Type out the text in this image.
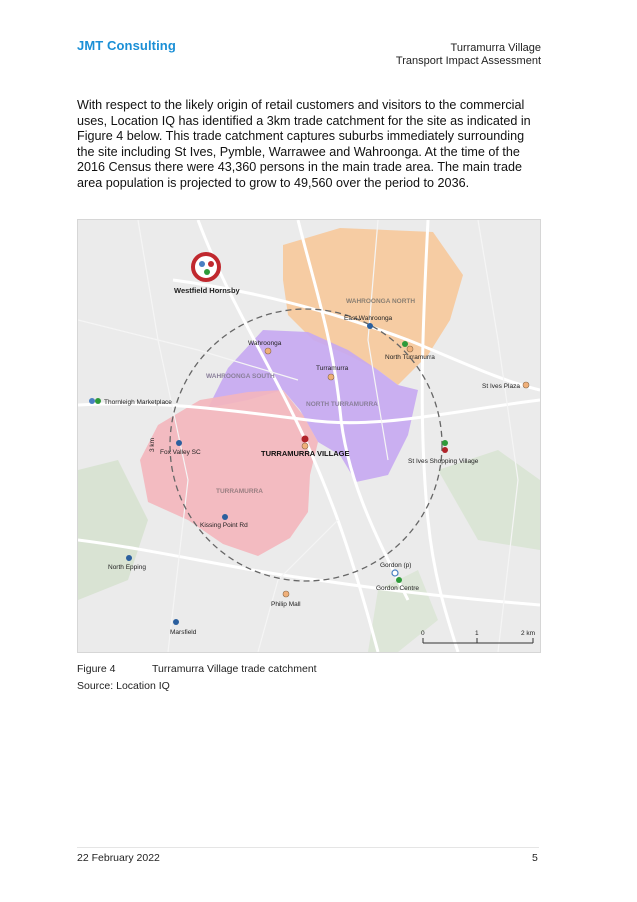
JMT Consulting	Turramurra Village
Transport Impact Assessment
With respect to the likely origin of retail customers and visitors to the commercial uses, Location IQ has identified a 3km trade catchment for the site as indicated in Figure 4 below. This trade catchment captures suburbs immediately surrounding the site including St Ives, Pymble, Warrawee and Wahroonga. At the time of the 2016 Census there were 43,360 persons in the main trade area. The main trade area population is projected to grow to 49,560 over the period to 2036.
Westfield Hornsby
WAHROONGA NORTH
WAHROONGA SOUTH
NORTH TURRAMURRA
TURRAMURRA
East Wahroonga
Wahroonga
North Turramurra
Turramurra
St Ives Plaza
Thornleigh Marketplace
3 km
Fox Valley SC	TURRAMURRA VILLAGE
St Ives Shopping Village
Kissing Point Rd
North Epping	Gordon (p)
Gordon Centre
Philip Mall
Marsfield	0	1	2 km
Figure 4	Turramurra Village trade catchment
Source: Location IQ
22 February 2022	5
